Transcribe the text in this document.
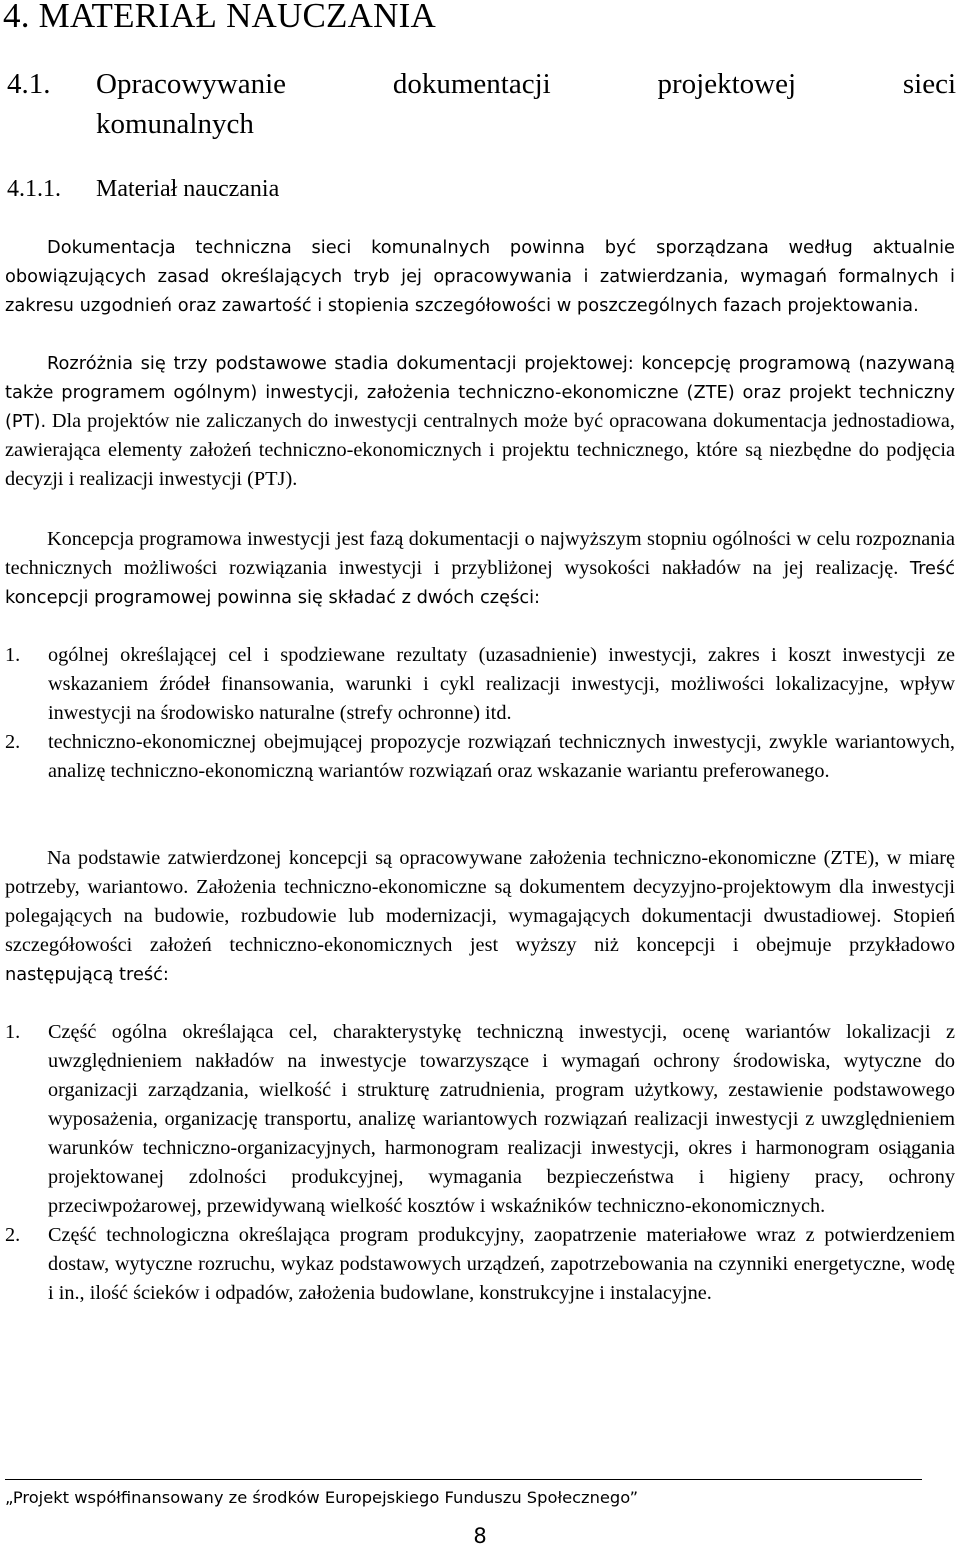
4. MATERIAŁ NAUCZANIA
4.1. Opracowywanie dokumentacji projektowej sieci
komunalnych
4.1.1. Materiał nauczania

Dokumentacja techniczna sieci komunalnych powinna być sporządzana według aktualnie obowiązujących zasad określających tryb jej opracowywania i zatwierdzania, wymagań formalnych i zakresu uzgodnień oraz zawartość i stopienia szczegółowości w poszczególnych fazach projektowania.

Rozróżnia się trzy podstawowe stadia dokumentacji projektowej: koncepcję programową (nazywaną także programem ogólnym) inwestycji, założenia techniczno-ekonomiczne (ZTE) oraz projekt techniczny (PT). Dla projektów nie zaliczanych do inwestycji centralnych może być opracowana dokumentacja jednostadiowa, zawierająca elementy założeń techniczno-ekonomicznych i projektu technicznego, które są niezbędne do podjęcia decyzji i realizacji inwestycji (PTJ).
Koncepcja programowa inwestycji jest fazą dokumentacji o najwyższym stopniu ogólności w celu rozpoznania technicznych możliwości rozwiązania inwestycji i przybliżonej wysokości nakładów na jej realizację. Treść koncepcji programowej powinna się składać z dwóch części:
1. ogólnej określającej cel i spodziewane rezultaty (uzasadnienie) inwestycji, zakres i koszt inwestycji ze wskazaniem źródeł finansowania, warunki i cykl realizacji inwestycji, możliwości lokalizacyjne, wpływ inwestycji na środowisko naturalne (strefy ochronne) itd.
2. techniczno-ekonomicznej obejmującej propozycje rozwiązań technicznych inwestycji, zwykle wariantowych, analizę techniczno-ekonomiczną wariantów rozwiązań oraz wskazanie wariantu preferowanego.
Na podstawie zatwierdzonej koncepcji są opracowywane założenia techniczno-ekonomiczne (ZTE), w miarę potrzeby, wariantowo. Założenia techniczno-ekonomiczne są dokumentem decyzyjno-projektowym dla inwestycji polegających na budowie, rozbudowie lub modernizacji, wymagających dokumentacji dwustadiowej. Stopień szczegółowości założeń techniczno-ekonomicznych jest wyższy niż koncepcji i obejmuje przykładowo następującą treść:
1. Część ogólna określająca cel, charakterystykę techniczną inwestycji, ocenę wariantów lokalizacji z uwzględnieniem nakładów na inwestycje towarzyszące i wymagań ochrony środowiska, wytyczne do organizacji zarządzania, wielkość i strukturę zatrudnienia, program użytkowy, zestawienie podstawowego wyposażenia, organizację transportu, analizę wariantowych rozwiązań realizacji inwestycji z uwzględnieniem warunków techniczno-organizacyjnych, harmonogram realizacji inwestycji, okres i harmonogram osiągania projektowanej zdolności produkcyjnej, wymagania bezpieczeństwa i higieny pracy, ochrony przeciwpożarowej, przewidywaną wielkość kosztów i wskaźników techniczno-ekonomicznych.
2. Część technologiczna określająca program produkcyjny, zaopatrzenie materiałowe wraz z potwierdzeniem dostaw, wytyczne rozruchu, wykaz podstawowych urządzeń, zapotrzebowania na czynniki energetyczne, wodę i in., ilość ścieków i odpadów, założenia budowlane, konstrukcyjne i instalacyjne.
„Projekt współfinansowany ze środków Europejskiego Funduszu Społecznego”
8
